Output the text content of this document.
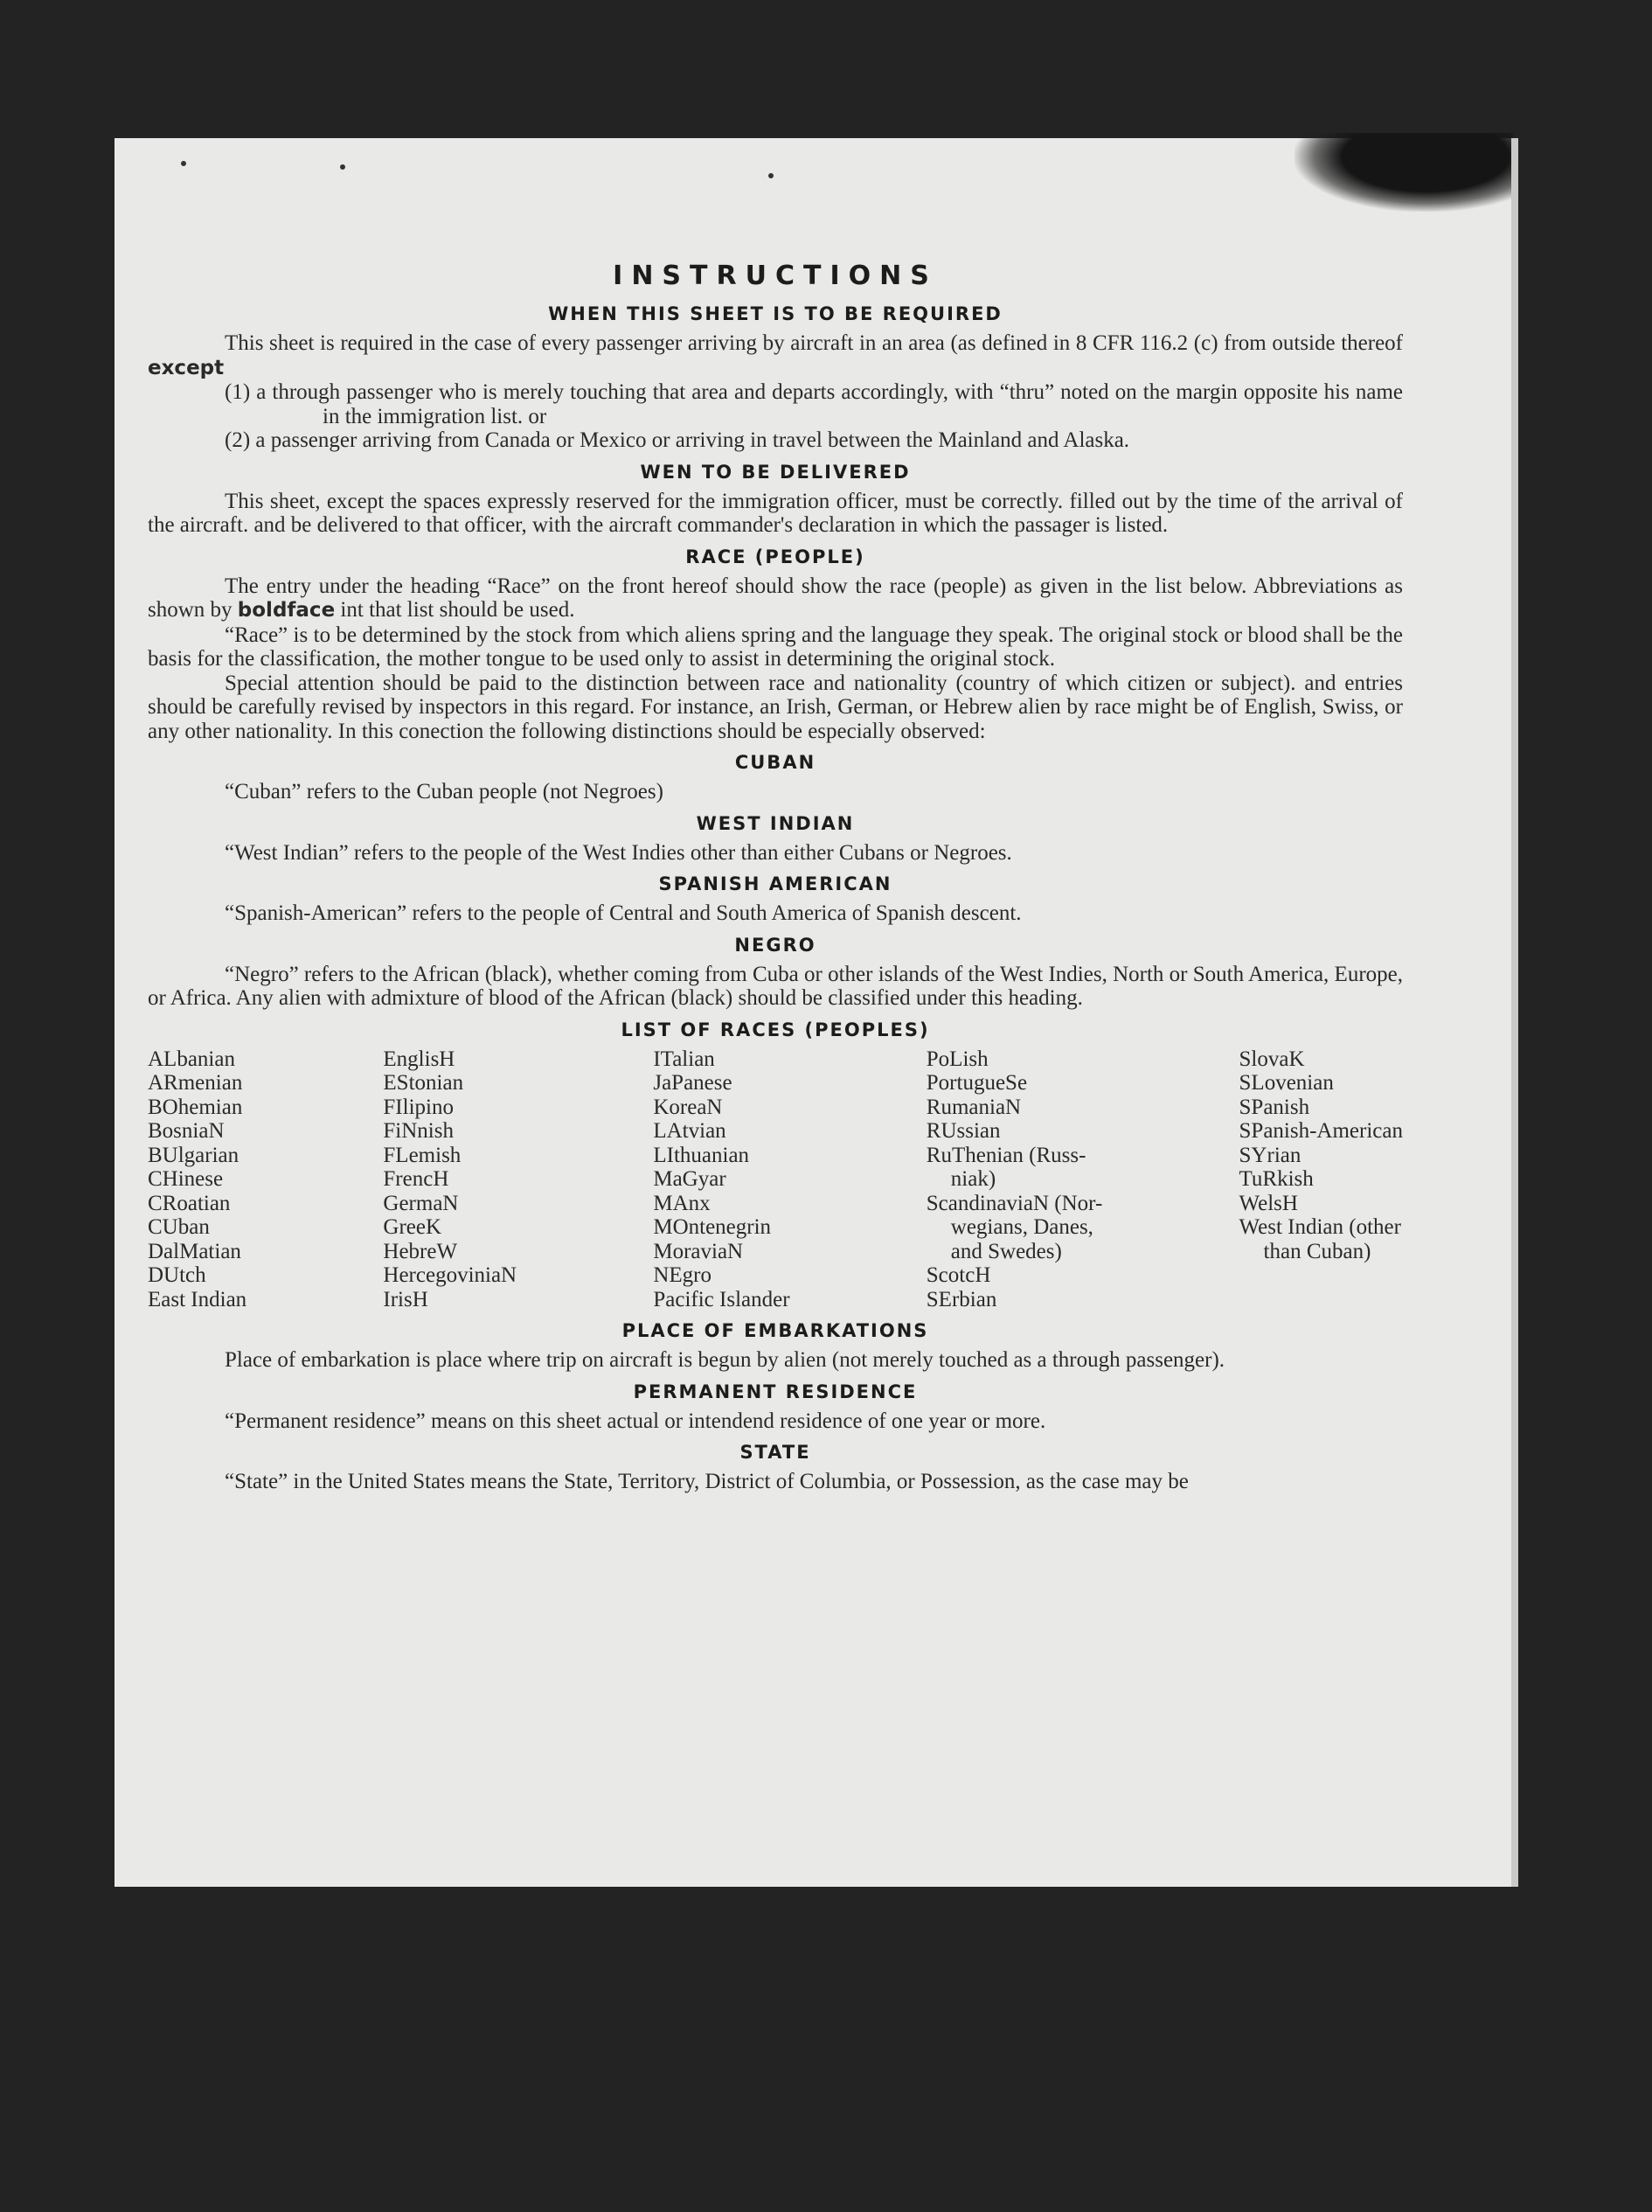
INSTRUCTIONS
WHEN THIS SHEET IS TO BE REQUIRED

This sheet is required in the case of every passenger arriving by aircraft in an area (as defined in 8 CFR 116.2 (c) from outside thereof except

(1) a through passenger who is merely touching that area and departs accordingly, with “thru” noted on the margin opposite his name in the immigration list. or

(2) a passenger arriving from Canada or Mexico or arriving in travel between the Mainland and Alaska.

WEN TO BE DELIVERED

This sheet, except the spaces expressly reserved for the immigration officer, must be correctly. filled out by the time of the arrival of the aircraft. and be delivered to that officer, with the aircraft commander's declaration in which the passager is listed.

RACE (PEOPLE)

The entry under the heading “Race” on the front hereof should show the race (people) as given in the list below. Abbreviations as shown by boldface int that list should be used.

“Race” is to be determined by the stock from which aliens spring and the language they speak. The original stock or blood shall be the basis for the classification, the mother tongue to be used only to assist in determining the original stock.

Special attention should be paid to the distinction between race and nationality (country of which citizen or subject). and entries should be carefully revised by inspectors in this regard. For instance, an Irish, German, or Hebrew alien by race might be of English, Swiss, or any other nationality. In this conection the following distinctions should be especially observed:

CUBAN

“Cuban” refers to the Cuban people (not Negroes)

WEST INDIAN

“West Indian” refers to the people of the West Indies other than either Cubans or Negroes.

SPANISH AMERICAN

“Spanish-American” refers to the people of Central and South America of Spanish descent.

NEGRO

“Negro” refers to the African (black), whether coming from Cuba or other islands of the West Indies, North or South America, Europe, or Africa. Any alien with admixture of blood of the African (black) should be classified under this heading.

LIST OF RACES (PEOPLES)
ALbanian
ARmenian
BOhemian
BosniaN
BUlgarian
CHinese
CRoatian
CUban
DalMatian
DUtch
East Indian
EnglisH
EStonian
FIlipino
FiNnish
FLemish
FrencH
GermaN
GreeK
HebreW
HercegoviniaN
IrisH
ITalian
JaPanese
KoreaN
LAtvian
LIthuanian
MaGyar
MAnx
MOntenegrin
MoraviaN
NEgro
Pacific Islander
PoLish
PortugueSe
RumaniaN
RUssian
RuThenian (Russ-
niak)
ScandinaviaN (Nor-
wegians, Danes,
and Swedes)
ScotcH
SErbian
SlovaK
SLovenian
SPanish
SPanish-American
SYrian
TuRkish
WelsH
West Indian (other
than Cuban)
PLACE OF EMBARKATIONS

Place of embarkation is place where trip on aircraft is begun by alien (not merely touched as a through passenger).

PERMANENT RESIDENCE

“Permanent residence” means on this sheet actual or intendend residence of one year or more.

STATE

“State” in the United States means the State, Territory, District of Columbia, or Possession, as the case may be
